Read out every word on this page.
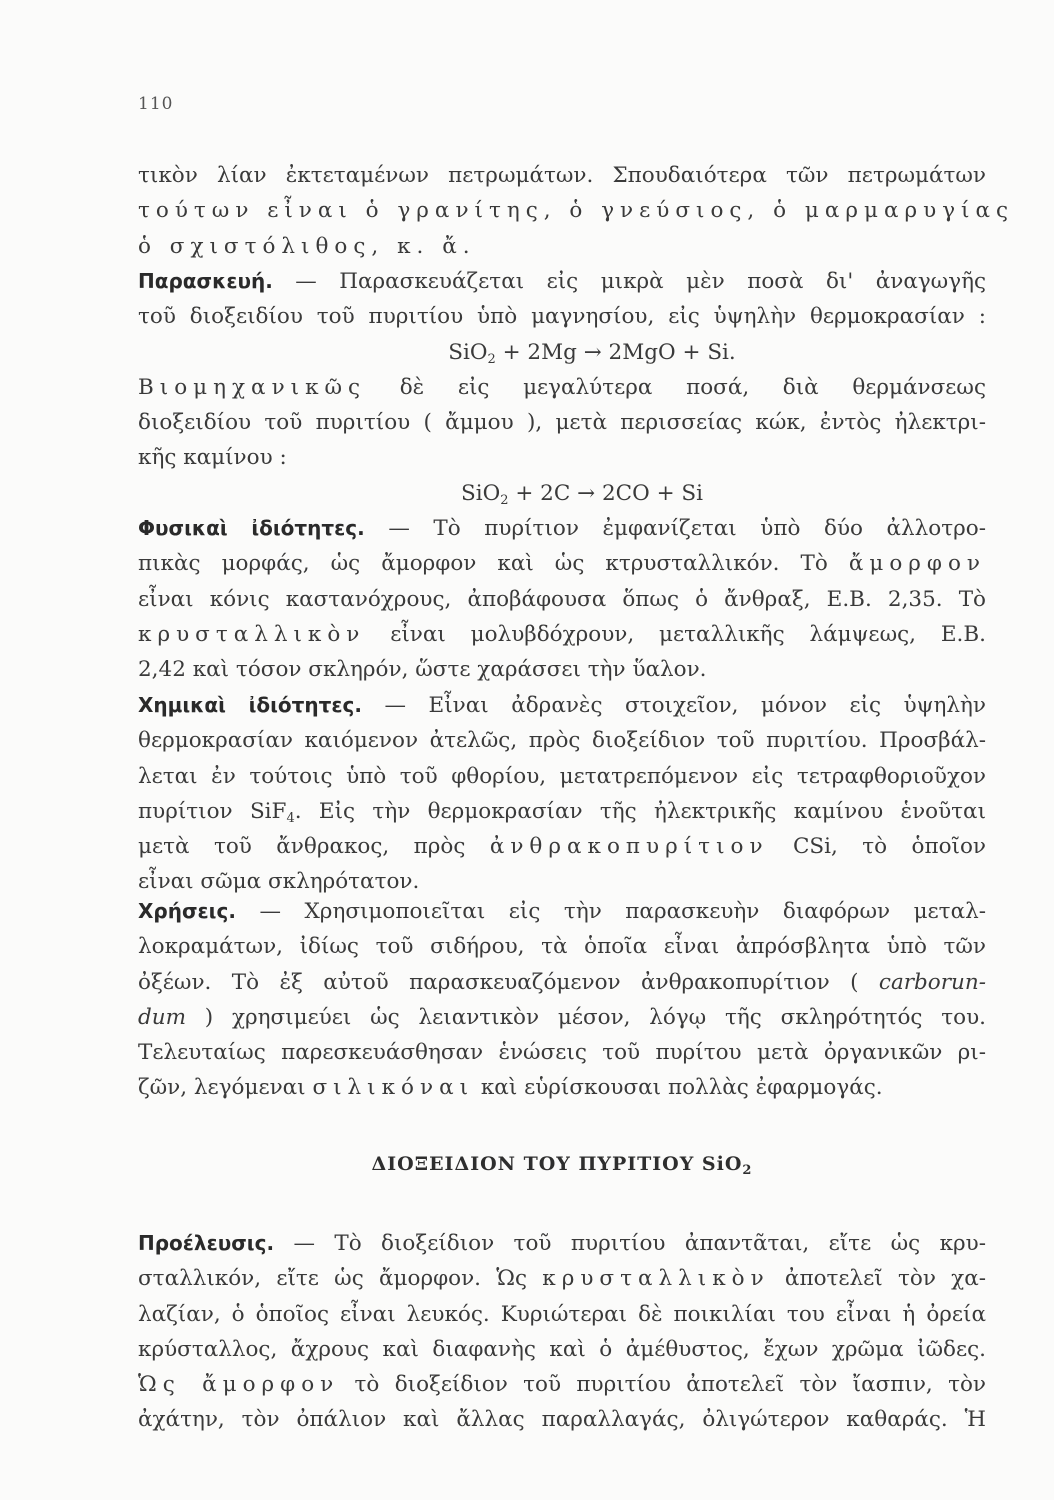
110
τικὸν λίαν ἐκτεταμένων πετρωμάτων. Σπουδαιότερα τῶν πετρωμάτων
τούτων εἶναι ὁ γρανίτης, ὁ γνεύσιος, ὁ μαρμαρυγίας
ὁ σχιστόλιθος, κ. ἄ.
Παρασκευή. — Παρασκευάζεται εἰς μικρὰ μὲν ποσὰ δι' ἀναγωγῆς
τοῦ διοξειδίου τοῦ πυριτίου ὑπὸ μαγνησίου, εἰς ὑψηλὴν θερμοκρασίαν :
SiO$_2$ + 2Mg → 2MgO + Si.
Βιομηχανικῶς δὲ εἰς μεγαλύτερα ποσά, διὰ θερμάνσεως
διοξειδίου τοῦ πυριτίου ( ἄμμου ), μετὰ περισσείας κώκ, ἐντὸς ἠλεκτρι-
κῆς καμίνου :
SiO$_2$ + 2C → 2CO + Si
Φυσικαὶ ἰδιότητες. — Τὸ πυρίτιον ἐμφανίζεται ὑπὸ δύο ἀλλοτρο-
πικὰς μορφάς, ὡς ἄμορφον καὶ ὡς κτρυσταλλικόν. Τὸ ἄμορφον
εἶναι κόνις καστανόχρους, ἀποβάφουσα ὅπως ὁ ἄνθραξ, Ε.Β. 2,35. Τὸ
κρυσταλλικὸν εἶναι μολυβδόχρουν, μεταλλικῆς λάμψεως, Ε.Β.
2,42 καὶ τόσον σκληρόν, ὥστε χαράσσει τὴν ὕαλον.
Χημικαὶ ἰδιότητες. — Εἶναι ἀδρανὲς στοιχεῖον, μόνον εἰς ὑψηλὴν
θερμοκρασίαν καιόμενον ἀτελῶς, πρὸς διοξείδιον τοῦ πυριτίου. Προσβάλ-
λεται ἐν τούτοις ὑπὸ τοῦ φθορίου, μετατρεπόμενον εἰς τετραφθοριοῦχον
πυρίτιον SiF$_4$. Εἰς τὴν θερμοκρασίαν τῆς ἠλεκτρικῆς καμίνου ἑνοῦται
μετὰ τοῦ ἄνθρακος, πρὸς ἀνθρακοπυρίτιον CSi, τὸ ὁποῖον
εἶναι σῶμα σκληρότατον.
Χρήσεις. — Χρησιμοποιεῖται εἰς τὴν παρασκευὴν διαφόρων μεταλ-
λοκραμάτων, ἰδίως τοῦ σιδήρου, τὰ ὁποῖα εἶναι ἀπρόσβλητα ὑπὸ τῶν
ὀξέων. Τὸ ἐξ αὐτοῦ παρασκευαζόμενον ἀνθρακοπυρίτιον ( carborun-
dum ) χρησιμεύει ὡς λειαντικὸν μέσον, λόγῳ τῆς σκληρότητός του.
Τελευταίως παρεσκευάσθησαν ἑνώσεις τοῦ πυρίτου μετὰ ὀργανικῶν ρι-
ζῶν, λεγόμεναι σιλικόναι καὶ εὑρίσκουσαι πολλὰς ἐφαρμογάς.
ΔΙΟΞΕΙΔΙΟΝ ΤΟΥ ΠΥΡΙΤΙΟΥ SiO$_2$
Προέλευσις. — Τὸ διοξείδιον τοῦ πυριτίου ἀπαντᾶται, εἴτε ὡς κρυ-
σταλλικόν, εἴτε ὡς ἄμορφον. Ὡς κρυσταλλικὸν ἀποτελεῖ τὸν χα-
λαζίαν, ὁ ὁποῖος εἶναι λευκός. Κυριώτεραι δὲ ποικιλίαι του εἶναι ἡ ὀρεία
κρύσταλλος, ἄχρους καὶ διαφανὴς καὶ ὁ ἀμέθυστος, ἔχων χρῶμα ἰῶδες.
Ὡς ἄμορφον τὸ διοξείδιον τοῦ πυριτίου ἀποτελεῖ τὸν ἴασπιν, τὸν
ἀχάτην, τὸν ὀπάλιον καὶ ἄλλας παραλλαγάς, ὀλιγώτερον καθαράς. Ἡ
